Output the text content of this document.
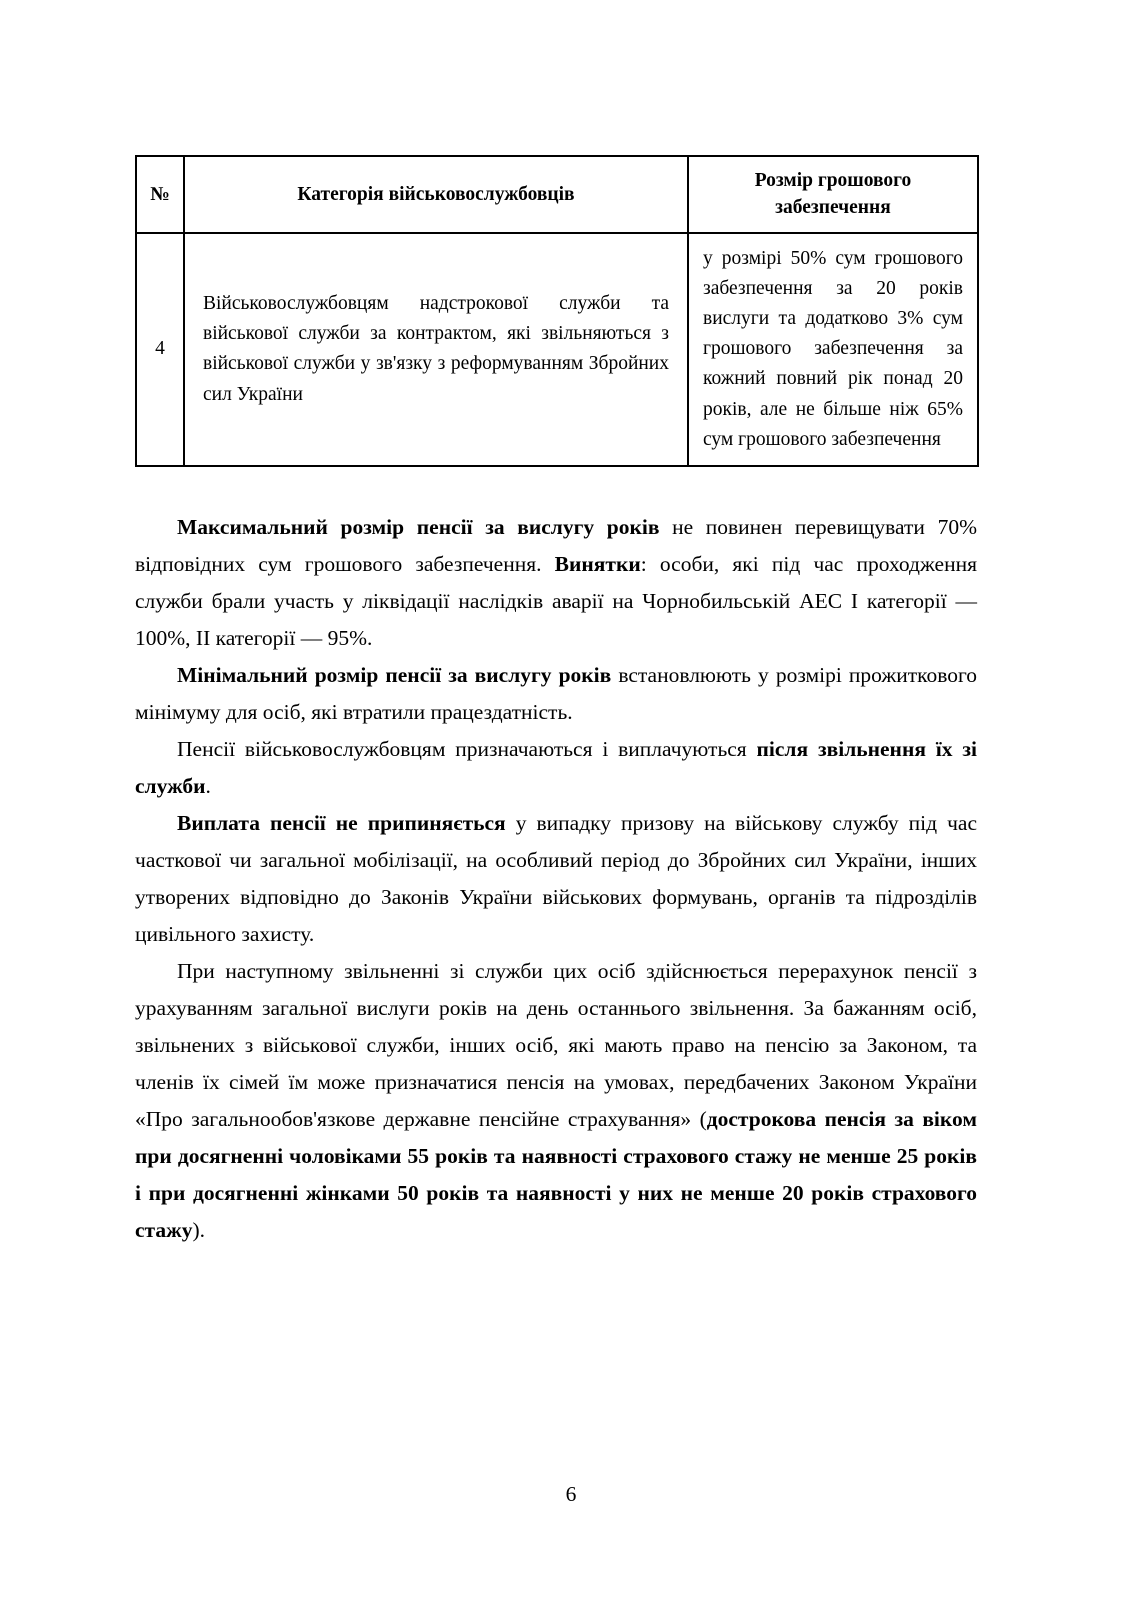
№	Категорія військовослужбовців	Розмір грошового забезпечення
4	Військовослужбовцям надстрокової служби та військової служби за контрактом, які звільняються з військової служби у зв'язку з реформуванням Збройних сил України	у розмірі 50% сум грошового забезпечення за 20 років вислуги та додатково 3% сум грошового забезпечення за кожний повний рік понад 20 років, але не більше ніж 65% сум грошового забезпечення

Максимальний розмір пенсії за вислугу років не повинен перевищувати 70% відповідних сум грошового забезпечення. Винятки: особи, які під час проходження служби брали участь у ліквідації наслідків аварії на Чорнобильській АЕС I категорії — 100%, II категорії — 95%.

Мінімальний розмір пенсії за вислугу років встановлюють у розмірі прожиткового мінімуму для осіб, які втратили працездатність.

Пенсії військовослужбовцям призначаються і виплачуються після звільнення їх зі служби.

Виплата пенсії не припиняється у випадку призову на військову службу під час часткової чи загальної мобілізації, на особливий період до Збройних сил України, інших утворених відповідно до Законів України військових формувань, органів та підрозділів цивільного захисту.

При наступному звільненні зі служби цих осіб здійснюється перерахунок пенсії з урахуванням загальної вислуги років на день останнього звільнення. За бажанням осіб, звільнених з військової служби, інших осіб, які мають право на пенсію за Законом, та членів їх сімей їм може призначатися пенсія на умовах, передбачених Законом України «Про загальнообов'язкове державне пенсійне страхування» (дострокова пенсія за віком при досягненні чоловіками 55 років та наявності страхового стажу не менше 25 років і при досягненні жінками 50 років та наявності у них не менше 20 років страхового стажу).

6
